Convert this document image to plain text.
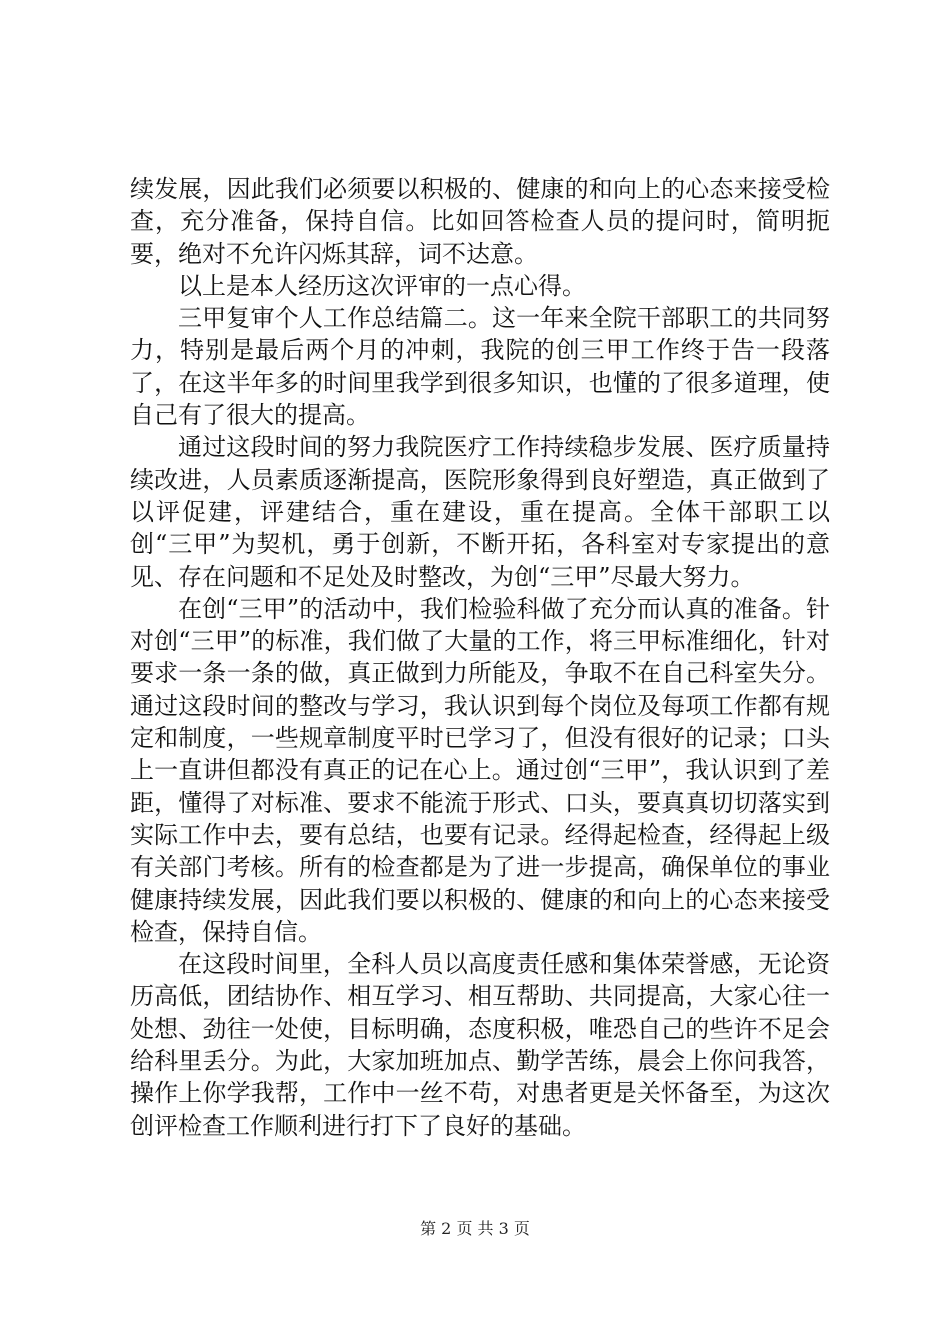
续发展，因此我们必须要以积极的、健康的和向上的心态来接受检查，充分准备，保持自信。比如回答检查人员的提问时，简明扼要，绝对不允许闪烁其辞，词不达意。

以上是本人经历这次评审的一点心得。

三甲复审个人工作总结篇二。这一年来全院干部职工的共同努力，特别是最后两个月的冲刺，我院的创三甲工作终于告一段落了，在这半年多的时间里我学到很多知识，也懂的了很多道理，使自己有了很大的提高。

通过这段时间的努力我院医疗工作持续稳步发展、医疗质量持续改进，人员素质逐渐提高，医院形象得到良好塑造，真正做到了以评促建，评建结合，重在建设，重在提高。全体干部职工以创“三甲”为契机，勇于创新，不断开拓，各科室对专家提出的意见、存在问题和不足处及时整改，为创“三甲”尽最大努力。

在创“三甲”的活动中，我们检验科做了充分而认真的准备。针对创“三甲”的标准，我们做了大量的工作，将三甲标准细化，针对要求一条一条的做，真正做到力所能及，争取不在自己科室失分。通过这段时间的整改与学习，我认识到每个岗位及每项工作都有规定和制度，一些规章制度平时已学习了，但没有很好的记录；口头上一直讲但都没有真正的记在心上。通过创“三甲”，我认识到了差距，懂得了对标准、要求不能流于形式、口头，要真真切切落实到实际工作中去，要有总结，也要有记录。经得起检查，经得起上级有关部门考核。所有的检查都是为了进一步提高，确保单位的事业健康持续发展，因此我们要以积极的、健康的和向上的心态来接受检查，保持自信。

在这段时间里，全科人员以高度责任感和集体荣誉感，无论资历高低，团结协作、相互学习、相互帮助、共同提高，大家心往一处想、劲往一处使，目标明确，态度积极，唯恐自己的些许不足会给科里丢分。为此，大家加班加点、勤学苦练，晨会上你问我答，操作上你学我帮，工作中一丝不苟，对患者更是关怀备至，为这次创评检查工作顺利进行打下了良好的基础。

第 2 页 共 3 页
